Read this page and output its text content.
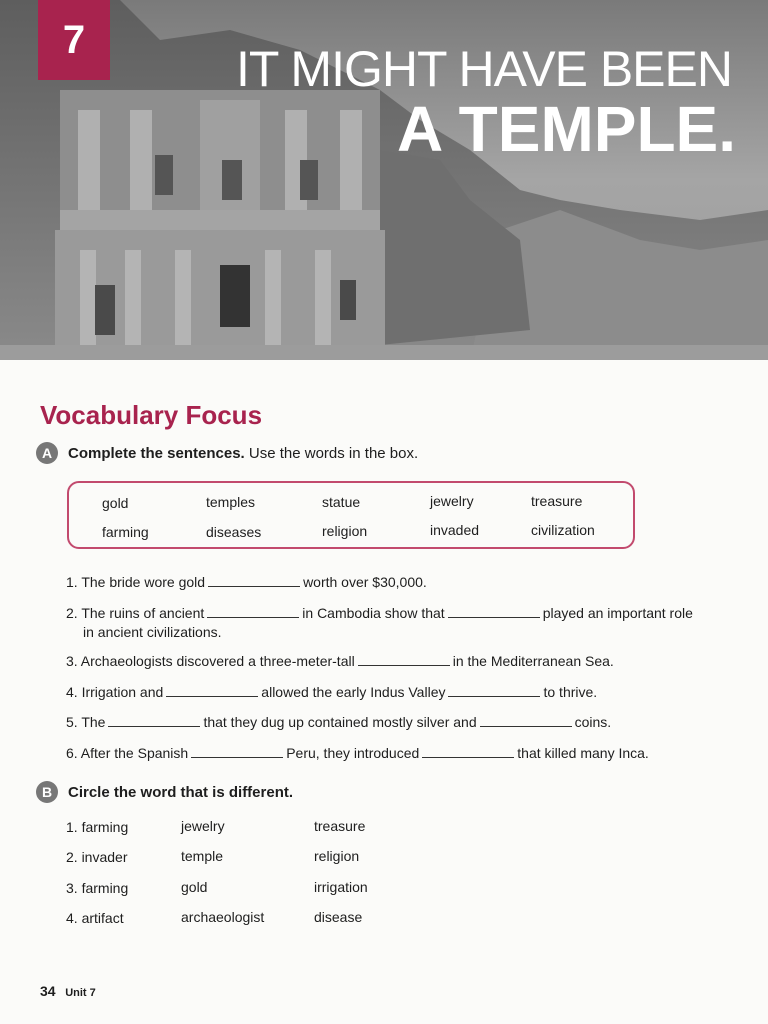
7
IT MIGHT HAVE BEEN
A TEMPLE.
Vocabulary Focus
A	Complete the sentences. Use the words in the box.
gold	temples	statue	jewelry	treasure
farming	diseases	religion	invaded	civilization
1. The bride wore gold	worth over $30,000.
2. The ruins of ancient	in Cambodia show that	played an important role
in ancient civilizations.
3. Archaeologists discovered a three-meter-tall	in the Mediterranean Sea.
4. Irrigation and	allowed the early Indus Valley	to thrive.
5. The	that they dug up contained mostly silver and	coins.
6. After the Spanish	Peru, they introduced	that killed many Inca.
B	Circle the word that is different.
1. farming	jewelry	treasure
2. invader	temple	religion
3. farming	gold	irrigation
4. artifact	archaeologist	disease
34 Unit 7
